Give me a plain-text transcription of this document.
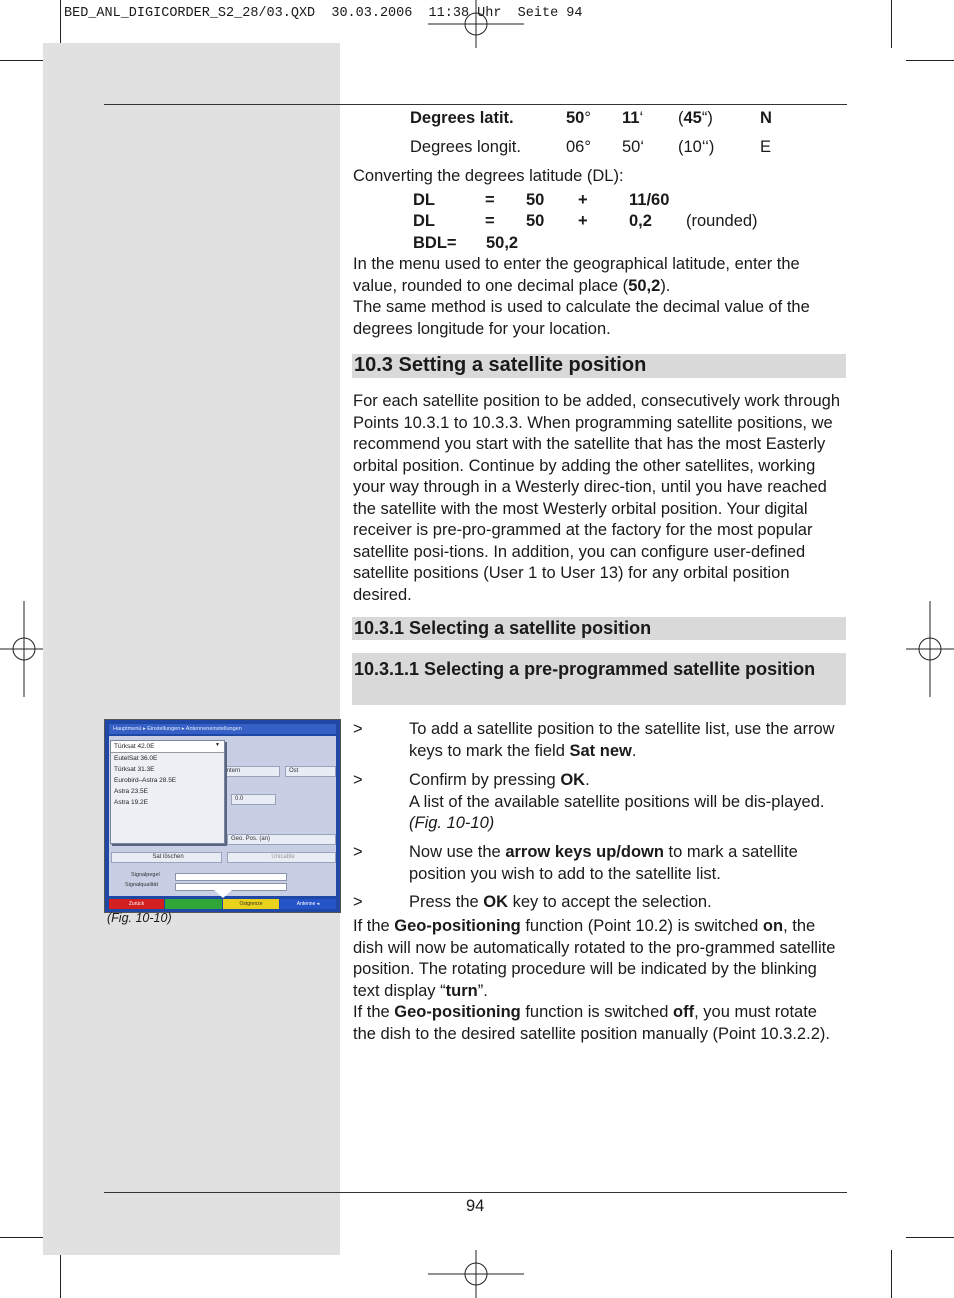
BED_ANL_DIGICORDER_S2_28/03.QXD  30.03.2006  11:38 Uhr  Seite 94
Degrees latit.	50° 11‘ (45“)	N
Degrees longit.	06° 50‘ (10‘‘)	E
Converting the degrees latitude (DL):
DL	= 50 +	11/60
DL	= 50 +	0,2 (rounded)
BDL= 50,2
In the menu used to enter the geographical latitude, enter the value, rounded to one decimal place (50,2).
The same method is used to calculate the decimal value of the degrees longitude for your location.
10.3 Setting a satellite position
For each satellite position to be added, consecutively work through Points 10.3.1 to 10.3.3. When programming satellite positions, we recommend you start with the satellite that has the most Easterly orbital position. Continue by adding the other satellites, working your way through in a Westerly direc-tion, until you have reached the satellite with the most Westerly orbital position. Your digital receiver is pre-pro-grammed at the factory for the most popular satellite posi-tions. In addition, you can configure user-defined satellite positions (User 1 to User 13) for any orbital position desired.
10.3.1 Selecting a satellite position
10.3.1.1 Selecting a pre-programmed satellite position
>	To add a satellite position to the satellite list, use the arrow keys to mark the field Sat new.
>	Confirm by pressing OK.
A list of the available satellite positions will be dis-played. (Fig. 10-10)
>	Now use the arrow keys up/down to mark a satellite position you wish to add to the satellite list.
>	Press the OK key to accept the selection.
If the Geo-positioning function (Point 10.2) is switched on, the dish will now be automatically rotated to the pro-grammed satellite position. The rotating procedure will be indicated by the blinking text display “turn”.
If the Geo-positioning function is switched off, you must rotate the dish to the desired satellite position manually (Point 10.3.2.2).
Hauptmenü ▸ Einstellungen ▸ Antenneneinstellungen
Intern	Ost
0.0
Geo. Pos. (an)
Sat löschen	Unicable
Signalpegel
Signalqualität
Türksat 42.0E
EutelSat 36.0E
Türksat 31.3E
Eurobird–Astra 28.5E
Astra 23.5E
Astra 19.2E
▼
Zurück	Ostgrenze	Antenne ◂
(Fig. 10-10)
94
